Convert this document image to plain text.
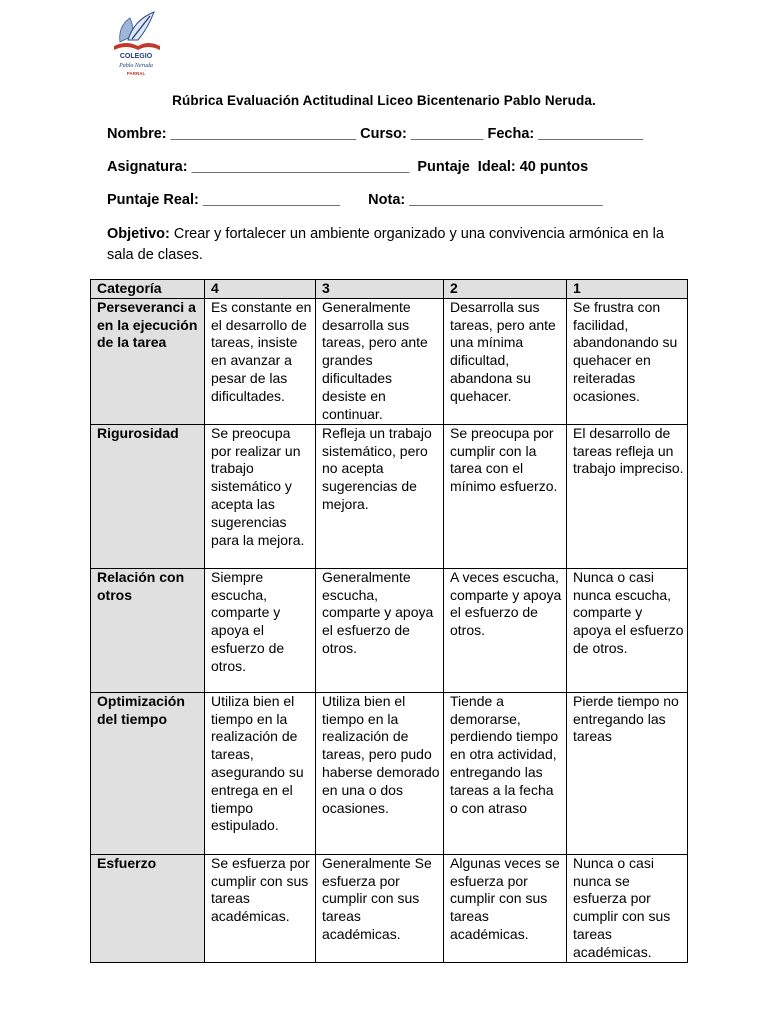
COLEGIO
Pablo Neruda
PARRAL
Rúbrica Evaluación Actitudinal Liceo Bicentenario Pablo Neruda.
Nombre: _______________________ Curso: _________ Fecha: _____________
Asignatura: ___________________________  Puntaje  Ideal: 40 puntos
Puntaje Real: _________________       Nota: ________________________
Objetivo: Crear y fortalecer un ambiente organizado y una convivencia armónica en la sala de clases.
Categoría	4	3	2	1
Perseveranci a en la ejecución de la tarea	Es constante en el desarrollo de tareas, insiste en avanzar a pesar de las dificultades.	Generalmente desarrolla sus tareas, pero ante grandes dificultades desiste en continuar.	Desarrolla sus tareas, pero ante una mínima dificultad, abandona su quehacer.	Se frustra con facilidad, abandonando su quehacer en reiteradas ocasiones.
Rigurosidad	Se preocupa por realizar un trabajo sistemático y acepta las sugerencias para la mejora.	Refleja un trabajo sistemático, pero no acepta sugerencias de mejora.	Se preocupa por cumplir con la tarea con el mínimo esfuerzo.	El desarrollo de tareas refleja un trabajo impreciso.
Relación con otros	Siempre escucha, comparte y apoya el esfuerzo de otros.	Generalmente escucha, comparte y apoya el esfuerzo de otros.	A veces escucha, comparte y apoya el esfuerzo de otros.	Nunca o casi nunca escucha, comparte y apoya el esfuerzo de otros.
Optimización del tiempo	Utiliza bien el tiempo en la realización de tareas, asegurando su entrega en el tiempo estipulado.	Utiliza bien el tiempo en la realización de tareas, pero pudo haberse demorado en una o dos ocasiones.	Tiende a demorarse, perdiendo tiempo en otra actividad, entregando las tareas a la fecha o con atraso	Pierde tiempo no entregando las tareas
Esfuerzo	Se esfuerza por cumplir con sus tareas académicas.	Generalmente Se esfuerza por cumplir con sus tareas académicas.	Algunas veces se esfuerza por cumplir con sus tareas académicas.	Nunca o casi nunca se esfuerza por cumplir con sus tareas académicas.
